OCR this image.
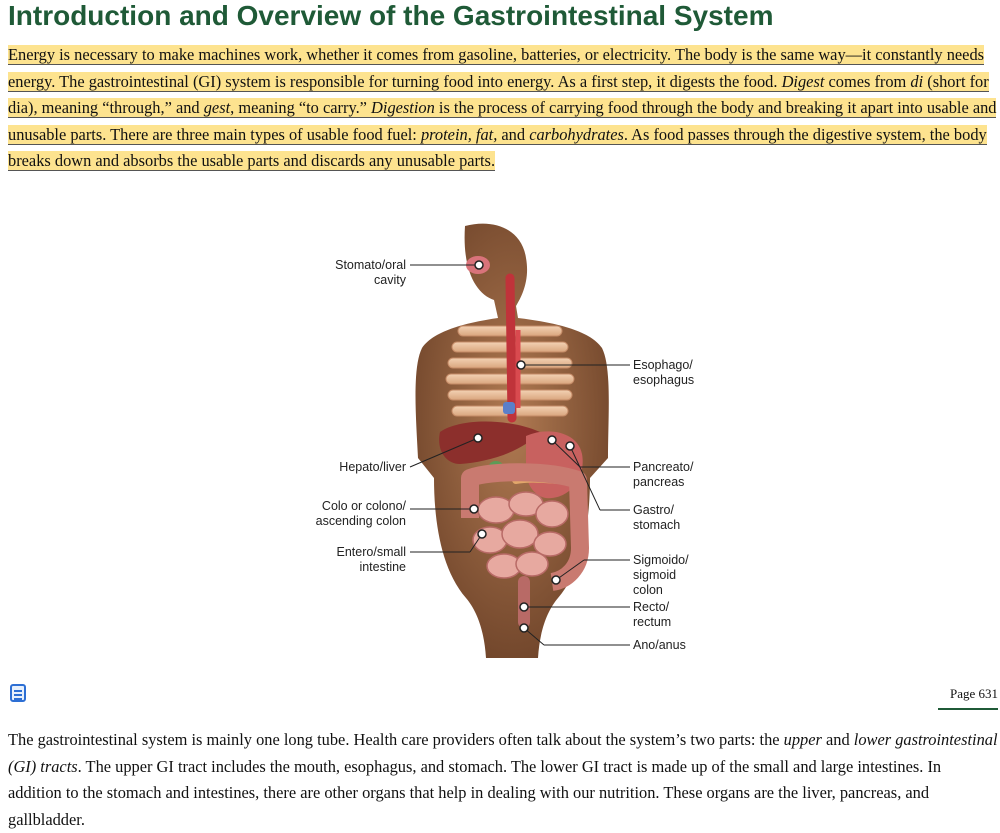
Introduction and Overview of the Gastrointestinal System

Energy is necessary to make machines work, whether it comes from gasoline, batteries, or electricity. The body is the same way—it constantly needs energy. The gastrointestinal (GI) system is responsible for turning food into energy. As a first step, it digests the food. Digest comes from di (short for dia), meaning “through,” and gest, meaning “to carry.” Digestion is the process of carrying food through the body and breaking it apart into usable and unusable parts. There are three main types of usable food fuel: protein, fat, and carbohydrates. As food passes through the digestive system, the body breaks down and absorbs the usable parts and discards any unusable parts.

Stomato/oral
cavity
Esophago/
esophagus
Hepato/liver	Pancreato/
pancreas
Colo or colono/
ascending colon
Gastro/
stomach
Entero/small
intestine	Sigmoido/
sigmoid
colon
Recto/
rectum
Ano/anus
Page 631

The gastrointestinal system is mainly one long tube. Health care providers often talk about the system’s two parts: the upper and lower gastrointestinal (GI) tracts. The upper GI tract includes the mouth, esophagus, and stomach. The lower GI tract is made up of the small and large intestines. In addition to the stomach and intestines, there are other organs that help in dealing with our nutrition. These organs are the liver, pancreas, and gallbladder.
